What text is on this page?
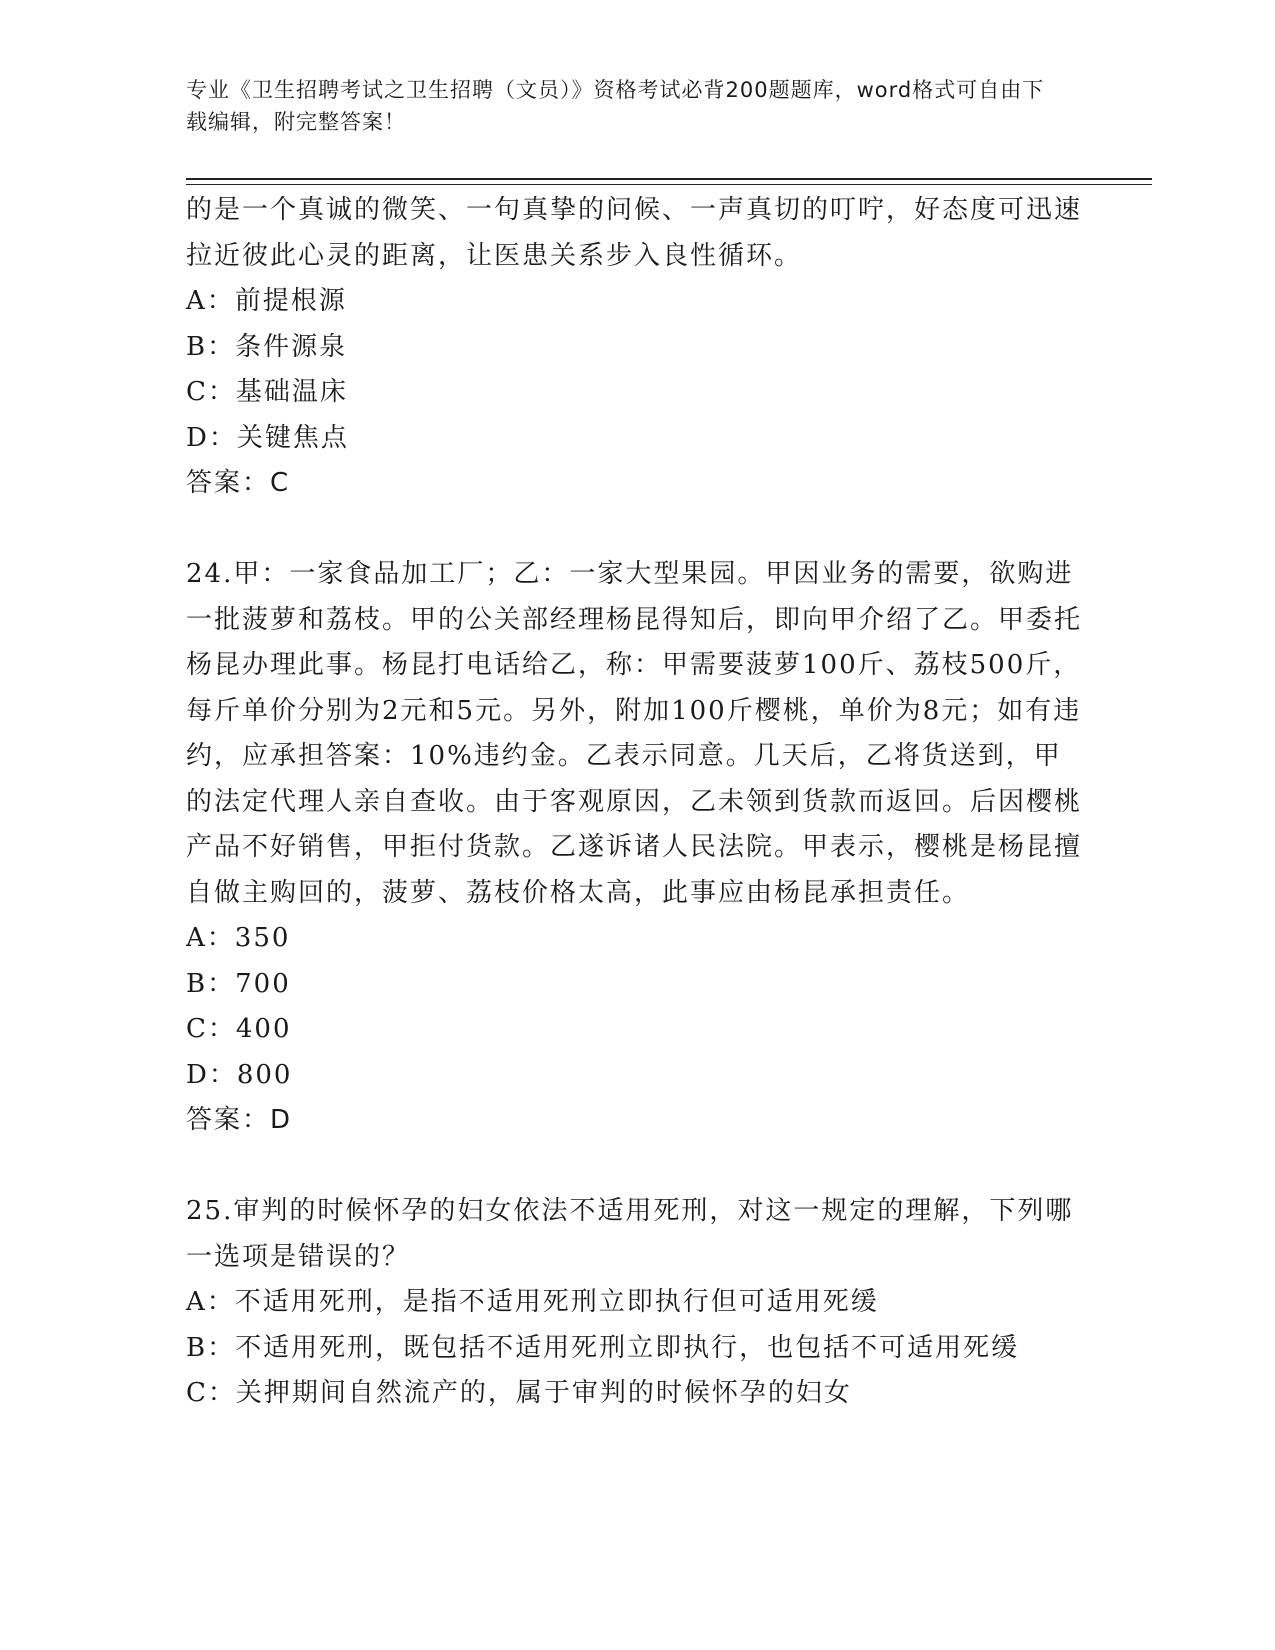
专业《卫生招聘考试之卫生招聘（文员）》资格考试必背200题题库，word格式可自由下载编辑，附完整答案！

的是一个真诚的微笑、一句真挚的问候、一声真切的叮咛，好态度可迅速拉近彼此心灵的距离，让医患关系步入良性循环。

A：前提根源

B：条件源泉

C：基础温床

D：关键焦点

答案：C

24.甲：一家食品加工厂；乙：一家大型果园。甲因业务的需要，欲购进一批菠萝和荔枝。甲的公关部经理杨昆得知后，即向甲介绍了乙。甲委托杨昆办理此事。杨昆打电话给乙，称：甲需要菠萝100斤、荔枝500斤，每斤单价分别为2元和5元。另外，附加100斤樱桃，单价为8元；如有违约，应承担答案：10%违约金。乙表示同意。几天后，乙将货送到，甲的法定代理人亲自查收。由于客观原因，乙未领到货款而返回。后因樱桃产品不好销售，甲拒付货款。乙遂诉诸人民法院。甲表示，樱桃是杨昆擅自做主购回的，菠萝、荔枝价格太高，此事应由杨昆承担责任。

A：350

B：700

C：400

D：800

答案：D

25.审判的时候怀孕的妇女依法不适用死刑，对这一规定的理解，下列哪一选项是错误的？

A：不适用死刑，是指不适用死刑立即执行但可适用死缓

B：不适用死刑，既包括不适用死刑立即执行，也包括不可适用死缓

C：关押期间自然流产的，属于审判的时候怀孕的妇女
